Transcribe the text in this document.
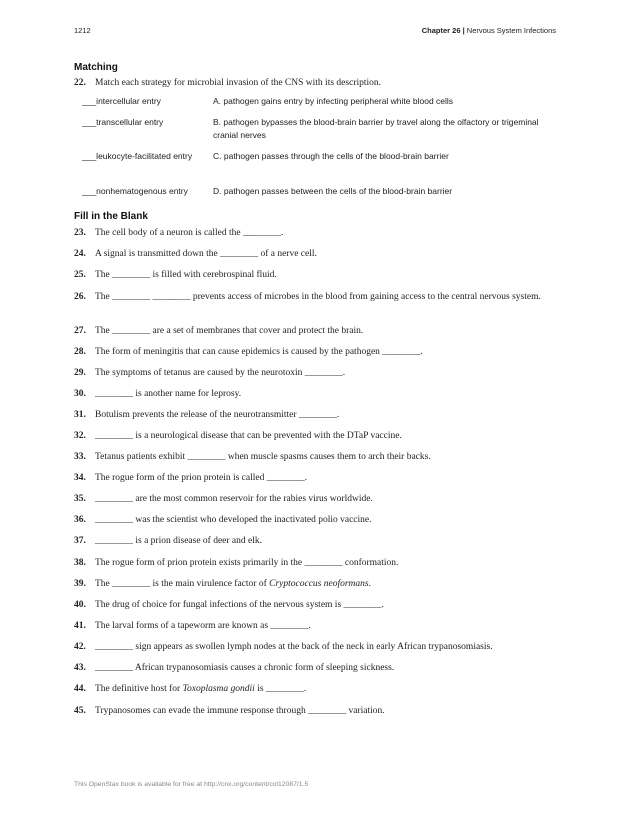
1212	Chapter 26 | Nervous System Infections
Matching
22. Match each strategy for microbial invasion of the CNS with its description.
___intercellular entry	A. pathogen gains entry by infecting peripheral white blood cells
___transcellular entry	B. pathogen bypasses the blood-brain barrier by travel along the olfactory or trigeminal cranial nerves
___leukocyte-facilitated entry	C. pathogen passes through the cells of the blood-brain barrier
___nonhematogenous entry	D. pathogen passes between the cells of the blood-brain barrier
Fill in the Blank
23. The cell body of a neuron is called the ________.
24. A signal is transmitted down the ________ of a nerve cell.
25. The ________ is filled with cerebrospinal fluid.
26. The ________ ________ prevents access of microbes in the blood from gaining access to the central nervous system.
27. The ________ are a set of membranes that cover and protect the brain.
28. The form of meningitis that can cause epidemics is caused by the pathogen ________.
29. The symptoms of tetanus are caused by the neurotoxin ________.
30. ________ is another name for leprosy.
31. Botulism prevents the release of the neurotransmitter ________.
32. ________ is a neurological disease that can be prevented with the DTaP vaccine.
33. Tetanus patients exhibit ________ when muscle spasms causes them to arch their backs.
34. The rogue form of the prion protein is called ________.
35. ________ are the most common reservoir for the rabies virus worldwide.
36. ________ was the scientist who developed the inactivated polio vaccine.
37. ________ is a prion disease of deer and elk.
38. The rogue form of prion protein exists primarily in the ________ conformation.
39. The ________ is the main virulence factor of Cryptococcus neoformans.
40. The drug of choice for fungal infections of the nervous system is ________.
41. The larval forms of a tapeworm are known as ________.
42. ________ sign appears as swollen lymph nodes at the back of the neck in early African trypanosomiasis.
43. ________ African trypanosomiasis causes a chronic form of sleeping sickness.
44. The definitive host for Toxoplasma gondii is ________.
45. Trypanosomes can evade the immune response through ________ variation.
This OpenStax book is available for free at http://cnx.org/content/col12087/1.5
